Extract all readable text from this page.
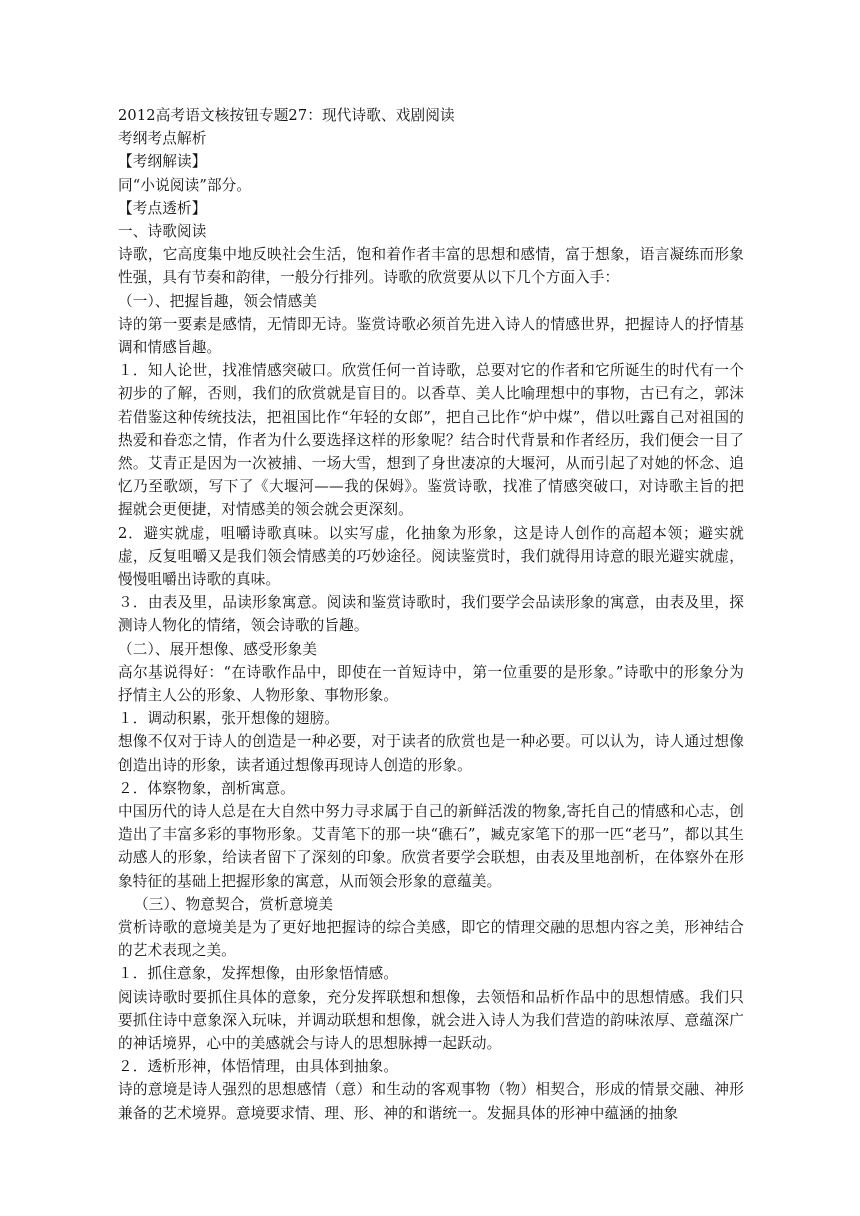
2012高考语文核按钮专题27：现代诗歌、戏剧阅读
考纲考点解析
【考纲解读】
同“小说阅读”部分。
【考点透析】
一、诗歌阅读

诗歌，它高度集中地反映社会生活，饱和着作者丰富的思想和感情，富于想象，语言凝练而形象性强，具有节奏和韵律，一般分行排列。诗歌的欣赏要从以下几个方面入手：

（一）、把握旨趣，领会情感美

诗的第一要素是感情，无情即无诗。鉴赏诗歌必须首先进入诗人的情感世界，把握诗人的抒情基调和情感旨趣。

１．知人论世，找准情感突破口。欣赏任何一首诗歌，总要对它的作者和它所诞生的时代有一个初步的了解，否则，我们的欣赏就是盲目的。以香草、美人比喻理想中的事物，古已有之，郭沫若借鉴这种传统技法，把祖国比作“年轻的女郎”，把自己比作“炉中煤”，借以吐露自己对祖国的热爱和眷恋之情，作者为什么要选择这样的形象呢？结合时代背景和作者经历，我们便会一目了然。艾青正是因为一次被捕、一场大雪，想到了身世凄凉的大堰河，从而引起了对她的怀念、追忆乃至歌颂，写下了《大堰河——我的保姆》。鉴赏诗歌，找准了情感突破口，对诗歌主旨的把握就会更便捷，对情感美的领会就会更深刻。

2．避实就虚，咀嚼诗歌真味。以实写虚，化抽象为形象，这是诗人创作的高超本领；避实就虚，反复咀嚼又是我们领会情感美的巧妙途径。阅读鉴赏时，我们就得用诗意的眼光避实就虚，慢慢咀嚼出诗歌的真味。

３．由表及里，品读形象寓意。阅读和鉴赏诗歌时，我们要学会品读形象的寓意，由表及里，探测诗人物化的情绪，领会诗歌的旨趣。

（二）、展开想像、感受形象美

高尔基说得好：“在诗歌作品中，即使在一首短诗中，第一位重要的是形象。”诗歌中的形象分为抒情主人公的形象、人物形象、事物形象。

１．调动积累，张开想像的翅膀。

想像不仅对于诗人的创造是一种必要，对于读者的欣赏也是一种必要。可以认为，诗人通过想像创造出诗的形象，读者通过想像再现诗人创造的形象。

２．体察物象，剖析寓意。

中国历代的诗人总是在大自然中努力寻求属于自己的新鲜活泼的物象,寄托自己的情感和心志，创造出了丰富多彩的事物形象。艾青笔下的那一块“礁石”，臧克家笔下的那一匹“老马”，都以其生动感人的形象，给读者留下了深刻的印象。欣赏者要学会联想，由表及里地剖析，在体察外在形象特征的基础上把握形象的寓意，从而领会形象的意蕴美。

（三）、物意契合，赏析意境美

赏析诗歌的意境美是为了更好地把握诗的综合美感，即它的情理交融的思想内容之美，形神结合的艺术表现之美。

１．抓住意象，发挥想像，由形象悟情感。

阅读诗歌时要抓住具体的意象，充分发挥联想和想像，去领悟和品析作品中的思想情感。我们只要抓住诗中意象深入玩味，并调动联想和想像，就会进入诗人为我们营造的韵味浓厚、意蕴深广的神话境界，心中的美感就会与诗人的思想脉搏一起跃动。

２．透析形神，体悟情理，由具体到抽象。

诗的意境是诗人强烈的思想感情（意）和生动的客观事物（物）相契合，形成的情景交融、神形兼备的艺术境界。意境要求情、理、形、神的和谐统一。发掘具体的形神中蕴涵的抽象
